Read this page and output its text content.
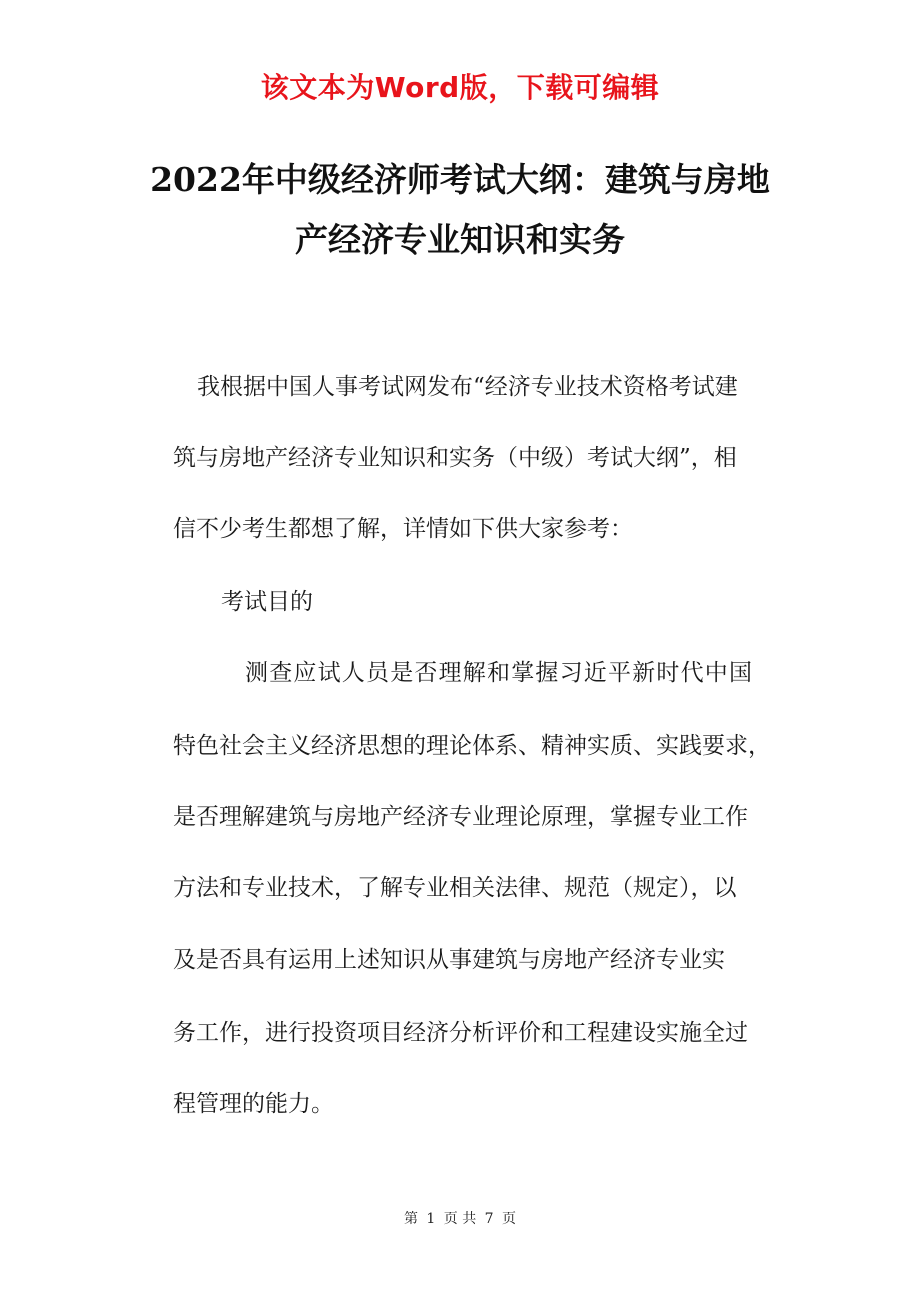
该文本为Word版，下载可编辑
2022年中级经济师考试大纲：建筑与房地
产经济专业知识和实务
我根据中国人事考试网发布“经济专业技术资格考试建
筑与房地产经济专业知识和实务（中级）考试大纲”，相
信不少考生都想了解，详情如下供大家参考：
考试目的
测查应试人员是否理解和掌握习近平新时代中国
特色社会主义经济思想的理论体系、精神实质、实践要求，
是否理解建筑与房地产经济专业理论原理，掌握专业工作
方法和专业技术，了解专业相关法律、规范（规定），以
及是否具有运用上述知识从事建筑与房地产经济专业实
务工作，进行投资项目经济分析评价和工程建设实施全过
程管理的能力。
第 1 页 共 7 页
